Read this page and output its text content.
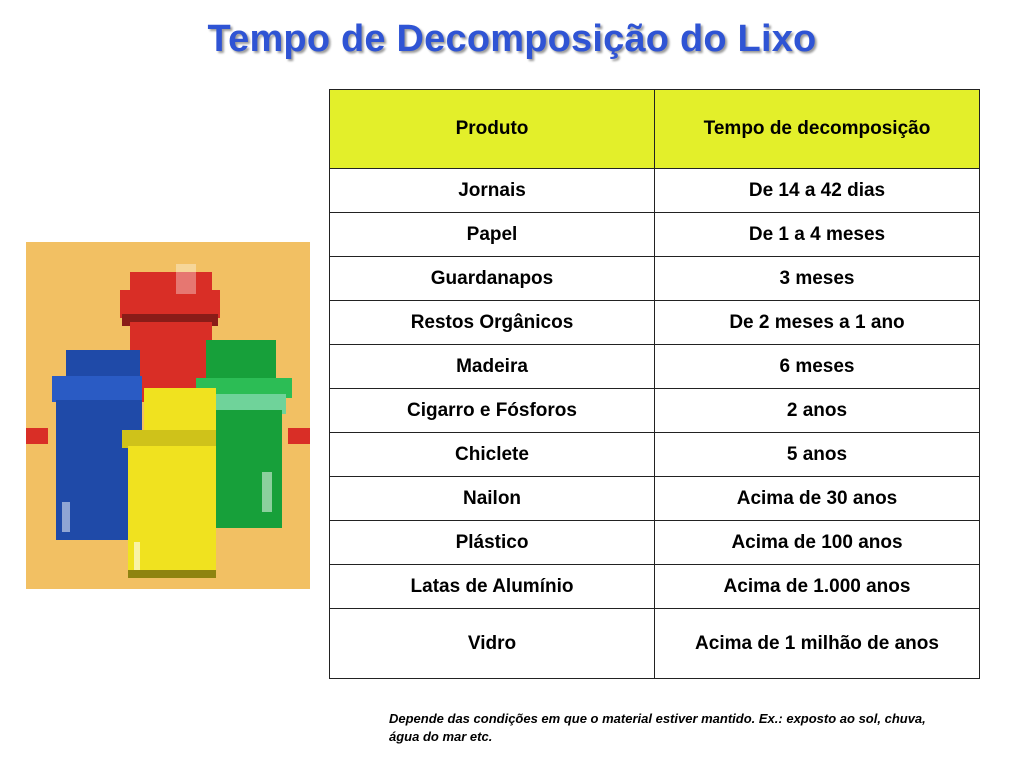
Tempo de Decomposição do Lixo
Produto	Tempo de decomposição
Jornais	De 14 a 42 dias
Papel	De 1 a 4 meses
Guardanapos	3 meses
Restos Orgânicos	De 2 meses a 1 ano
Madeira	6 meses
Cigarro e Fósforos	2 anos
Chiclete	5 anos
Nailon	Acima de 30 anos
Plástico	Acima de 100 anos
Latas de Alumínio	Acima de 1.000 anos
Vidro	Acima de 1 milhão de anos
Depende das condições em que o material estiver mantido. Ex.: exposto ao sol, chuva, água do mar etc.
